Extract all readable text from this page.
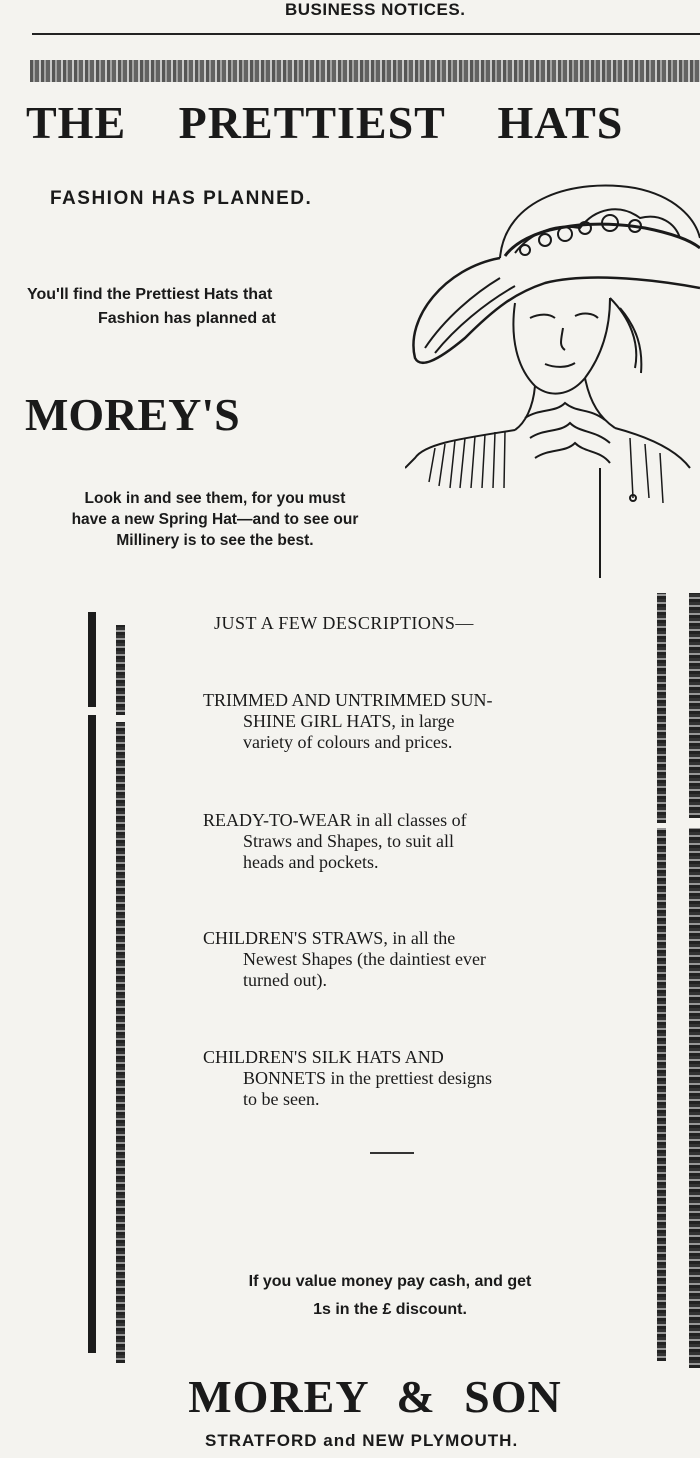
BUSINESS NOTICES.
THE PRETTIEST HATS
FASHION HAS PLANNED.
You'll find the Prettiest Hats that
Fashion has planned at
MOREY'S
Look in and see them, for you must
have a new Spring Hat—and to see our
Millinery is to see the best.
JUST A FEW DESCRIPTIONS—
TRIMMED AND UNTRIMMED SUN-
SHINE GIRL HATS, in large
variety of colours and prices.
READY-TO-WEAR in all classes of
Straws and Shapes, to suit all
heads and pockets.
CHILDREN'S STRAWS, in all the
Newest Shapes (the daintiest ever
turned out).
CHILDREN'S SILK HATS AND
BONNETS in the prettiest designs
to be seen.
If you value money pay cash, and get
1s in the £ discount.
MOREY & SON
STRATFORD and NEW PLYMOUTH.
